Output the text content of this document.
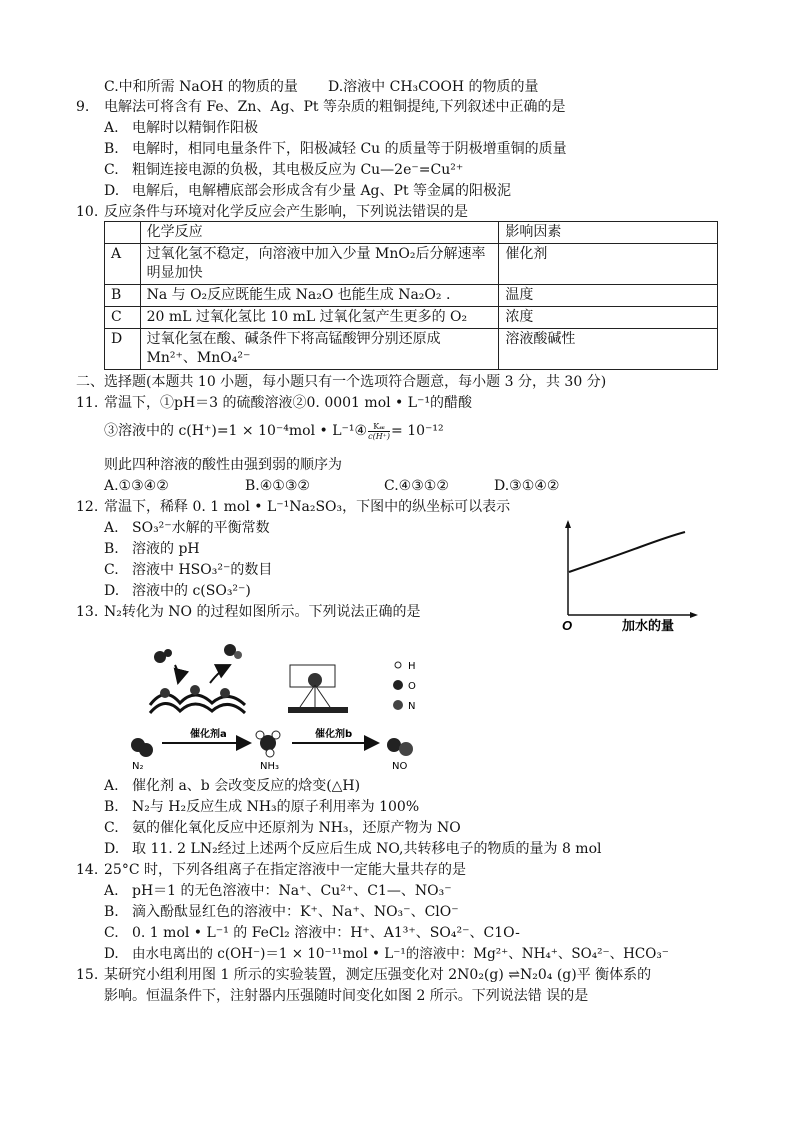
C.中和所需 NaOH 的物质的量 D.溶液中 CH₃COOH 的物质的量
9. 电解法可将含有 Fe、Zn、Ag、Pt 等杂质的粗铜提纯,下列叙述中正确的是
A. 电解时以精铜作阳极
B. 电解时，相同电量条件下，阳极减轻 Cu 的质量等于阴极增重铜的质量
C. 粗铜连接电源的负极，其电极反应为 Cu—2e⁻=Cu²⁺
D. 电解后，电解槽底部会形成含有少量 Ag、Pt 等金属的阳极泥
10. 反应条件与环境对化学反应会产生影响，下列说法错误的是
	化学反应	影响因素
A	过氧化氢不稳定，向溶液中加入少量 MnO₂后分解速率明显加快	催化剂
B	Na 与 O₂反应既能生成 Na₂O 也能生成 Na₂O₂ .	温度
C	20 mL 过氧化氢比 10 mL 过氧化氢产生更多的 O₂	浓度
D	过氧化氢在酸、碱条件下将高锰酸钾分别还原成 Mn²⁺、MnO₄²⁻	溶液酸碱性
二、选择题(本题共 10 小题，每小题只有一个选项符合题意，每小题 3 分，共 30 分)
11. 常温下，①pH＝3 的硫酸溶液②0. 0001 mol • L⁻¹的醋酸
③溶液中的 c(H⁺)=1 × 10⁻⁴mol • L⁻¹④ $\frac{\text{K𝓌}}{c(H^+)} = 10^{-12}$
则此四种溶液的酸性由强到弱的顺序为
A.①③④②	B.④①③②	C.④③①②	D.③①④②
12. 常温下，稀释 0. 1 mol • L⁻¹Na₂SO₃，下图中的纵坐标可以表示
A. SO₃²⁻水解的平衡常数
B. 溶液的 pH
C. 溶液中 HSO₃²⁻的数目
D. 溶液中的 c(SO₃²⁻)
O	加水的量
13. N₂转化为 NO 的过程如图所示。下列说法正确的是
催化剂a
N₂	NH₃
催化剂b
NO
H
O
N
A. 催化剂 a、b 会改变反应的焓变(△H)
B. N₂与 H₂反应生成 NH₃的原子利用率为 100%
C. 氨的催化氧化反应中还原剂为 NH₃，还原产物为 NO
D. 取 11. 2 LN₂经过上述两个反应后生成 NO,共转移电子的物质的量为 8 mol
14. 25°C 时，下列各组离子在指定溶液中一定能大量共存的是
A. pH＝1 的无色溶液中：Na⁺、Cu²⁺、C1—、NO₃⁻
B. 滴入酚酞显红色的溶液中：K⁺、Na⁺、NO₃⁻、ClO⁻
C. 0. 1 mol • L⁻¹ 的 FeCl₂ 溶液中：H⁺、A1³⁺、SO₄²⁻、C1O-
D. 由水电离出的 c(OH⁻)＝1 × 10⁻¹¹mol • L⁻¹的溶液中：Mg²⁺、NH₄⁺、SO₄²⁻、HCO₃⁻
15. 某研究小组利用图 1 所示的实验装置，测定压强变化对 2N0₂(g) ⇌N₂0₄ (g)平 衡体系的
影响。恒温条件下，注射器内压强随时间变化如图 2 所示。下列说法错 误的是
